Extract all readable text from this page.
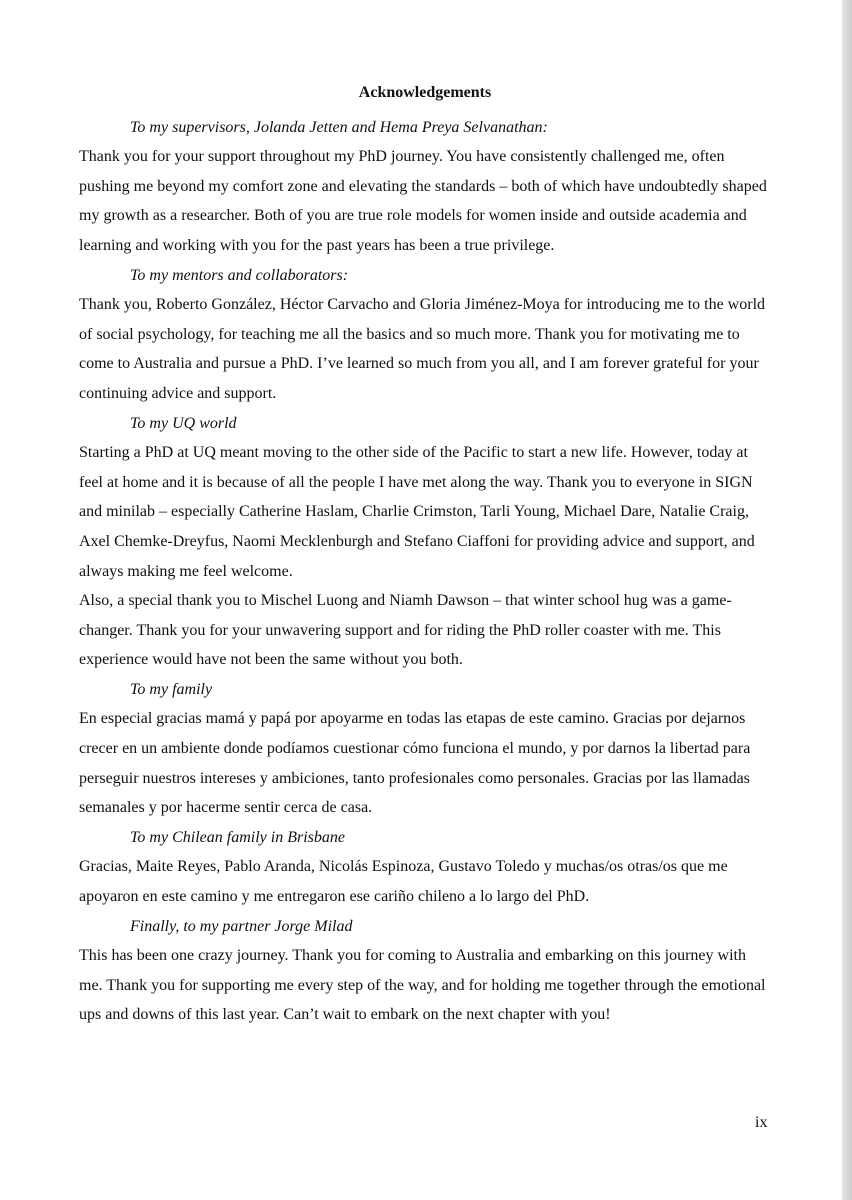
Acknowledgements

To my supervisors, Jolanda Jetten and Hema Preya Selvanathan:

Thank you for your support throughout my PhD journey. You have consistently challenged me, often pushing me beyond my comfort zone and elevating the standards – both of which have undoubtedly shaped my growth as a researcher. Both of you are true role models for women inside and outside academia and learning and working with you for the past years has been a true privilege.

To my mentors and collaborators:

Thank you, Roberto González, Héctor Carvacho and Gloria Jiménez-Moya for introducing me to the world of social psychology, for teaching me all the basics and so much more. Thank you for motivating me to come to Australia and pursue a PhD. I’ve learned so much from you all, and I am forever grateful for your continuing advice and support.

To my UQ world

Starting a PhD at UQ meant moving to the other side of the Pacific to start a new life. However, today at feel at home and it is because of all the people I have met along the way. Thank you to everyone in SIGN and minilab – especially Catherine Haslam, Charlie Crimston, Tarli Young, Michael Dare, Natalie Craig, Axel Chemke-Dreyfus, Naomi Mecklenburgh and Stefano Ciaffoni for providing advice and support, and always making me feel welcome.

Also, a special thank you to Mischel Luong and Niamh Dawson – that winter school hug was a game-changer. Thank you for your unwavering support and for riding the PhD roller coaster with me. This experience would have not been the same without you both.

To my family

En especial gracias mamá y papá por apoyarme en todas las etapas de este camino. Gracias por dejarnos crecer en un ambiente donde podíamos cuestionar cómo funciona el mundo, y por darnos la libertad para perseguir nuestros intereses y ambiciones, tanto profesionales como personales. Gracias por las llamadas semanales y por hacerme sentir cerca de casa.

To my Chilean family in Brisbane

Gracias, Maite Reyes, Pablo Aranda, Nicolás Espinoza, Gustavo Toledo y muchas/os otras/os que me apoyaron en este camino y me entregaron ese cariño chileno a lo largo del PhD.

Finally, to my partner Jorge Milad

This has been one crazy journey. Thank you for coming to Australia and embarking on this journey with me. Thank you for supporting me every step of the way, and for holding me together through the emotional ups and downs of this last year. Can’t wait to embark on the next chapter with you!

ix
